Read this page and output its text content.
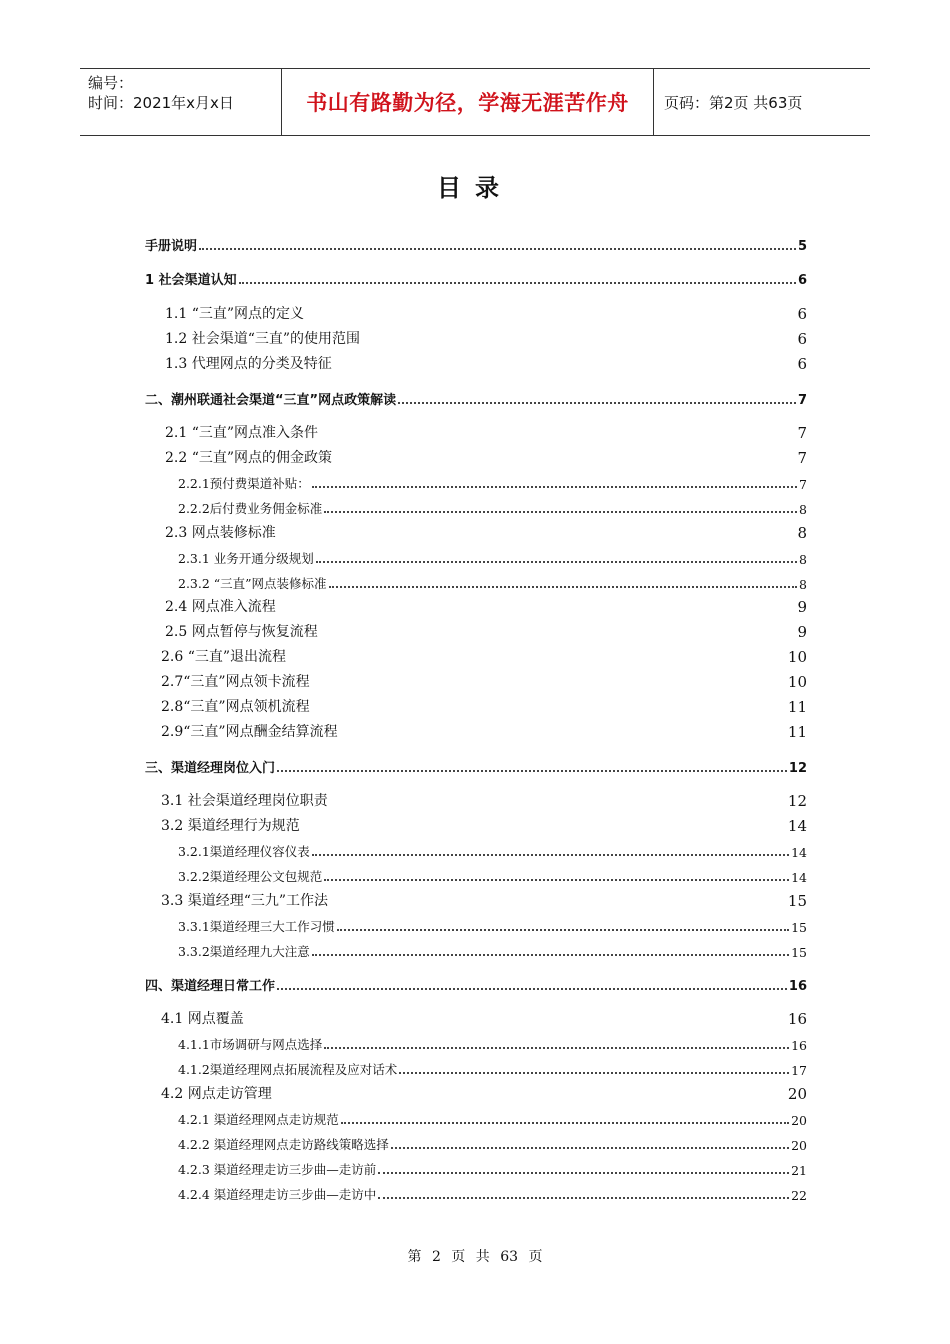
编号：
时间：2021年x月x日	书山有路勤为径，学海无涯苦作舟	页码：第2页 共63页
目录
手册说明	5
1 社会渠道认知	6
1.1 “三直”网点的定义	6
1.2 社会渠道“三直”的使用范围	6
1.3 代理网点的分类及特征	6
二、潮州联通社会渠道“三直”网点政策解读	7
2.1 “三直”网点准入条件	7
2.2 “三直”网点的佣金政策	7
2.2.1预付费渠道补贴：	7
2.2.2后付费业务佣金标准	8
2.3 网点装修标准	8
2.3.1 业务开通分级规划	8
2.3.2 “三直”网点装修标准	8
2.4 网点准入流程	9
2.5 网点暂停与恢复流程	9
2.6 “三直”退出流程	10
2.7“三直”网点领卡流程	10
2.8“三直”网点领机流程	11
2.9“三直”网点酬金结算流程	11
三、渠道经理岗位入门	12
3.1 社会渠道经理岗位职责	12
3.2 渠道经理行为规范	14
3.2.1渠道经理仪容仪表	14
3.2.2渠道经理公文包规范	14
3.3 渠道经理“三九”工作法	15
3.3.1渠道经理三大工作习惯	15
3.3.2渠道经理九大注意	15
四、渠道经理日常工作	16
4.1 网点覆盖	16
4.1.1市场调研与网点选择	16
4.1.2渠道经理网点拓展流程及应对话术	17
4.2 网点走访管理	20
4.2.1 渠道经理网点走访规范	20
4.2.2 渠道经理网点走访路线策略选择	20
4.2.3 渠道经理走访三步曲—走访前	21
4.2.4 渠道经理走访三步曲—走访中	22
第 2 页 共 63 页
